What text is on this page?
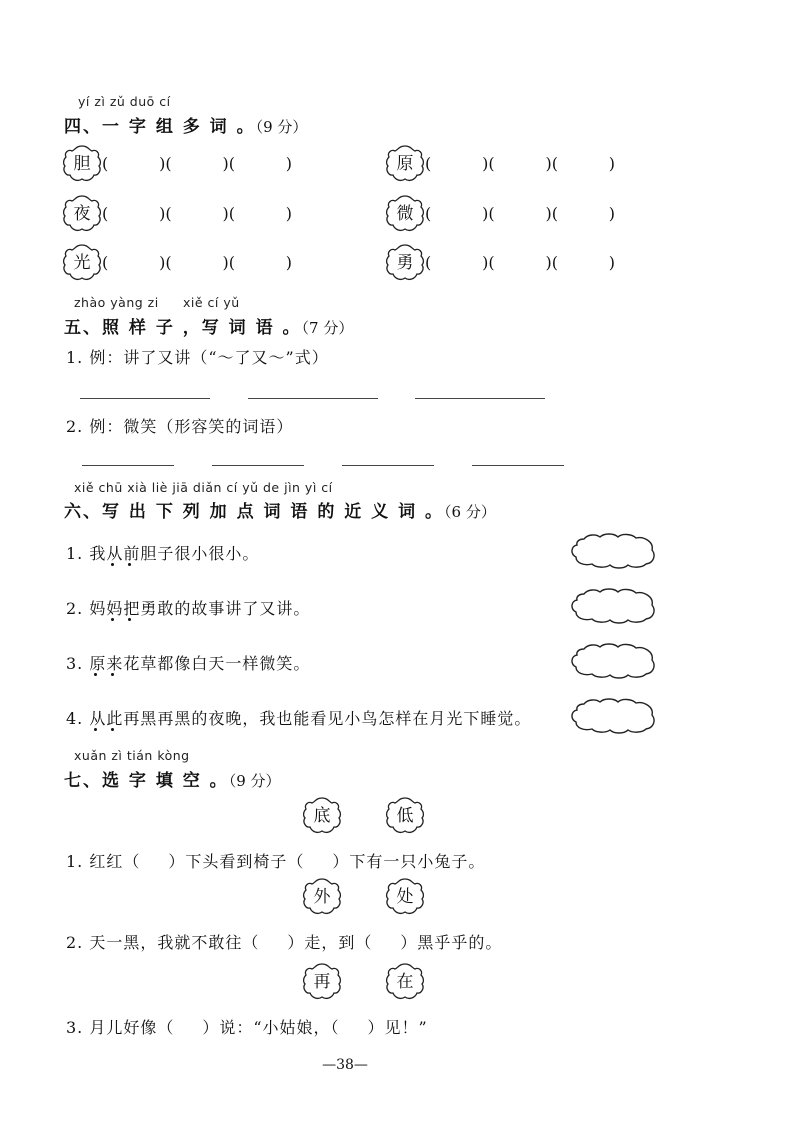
yí zì zǔ duō cí
四、一 字 组 多 词 。（9 分）
胆 (          )(          )(          )	原 (          )(          )(          )
夜 (          )(          )(          )	微 (          )(          )(          )
光 (          )(          )(          )	勇 (          )(          )(          )
zhào yàng zi xiě cí yǔ
五、照 样 子 ，写 词 语 。（7 分）
1. 例：讲了又讲（“～了又～”式）
2. 例：微笑（形容笑的词语）
xiě chū xià liè jiā diǎn cí yǔ de jìn yì cí
六、写 出 下 列 加 点 词 语 的 近 义 词 。（6 分）
1. 我从前胆子很小很小。
2. 妈妈把勇敢的故事讲了又讲。
3. 原来花草都像白天一样微笑。
4. 从此再黑再黑的夜晚，我也能看见小鸟怎样在月光下睡觉。
xuǎn zì tián kòng
七、选 字 填 空 。（9 分）
底	低
1. 红红（ ）下头看到椅子（ ）下有一只小兔子。
外	处
2. 天一黑，我就不敢往（ ）走，到（ ）黑乎乎的。
再	在
3. 月儿好像（ ）说：“小姑娘，（ ）见！”
—38—
